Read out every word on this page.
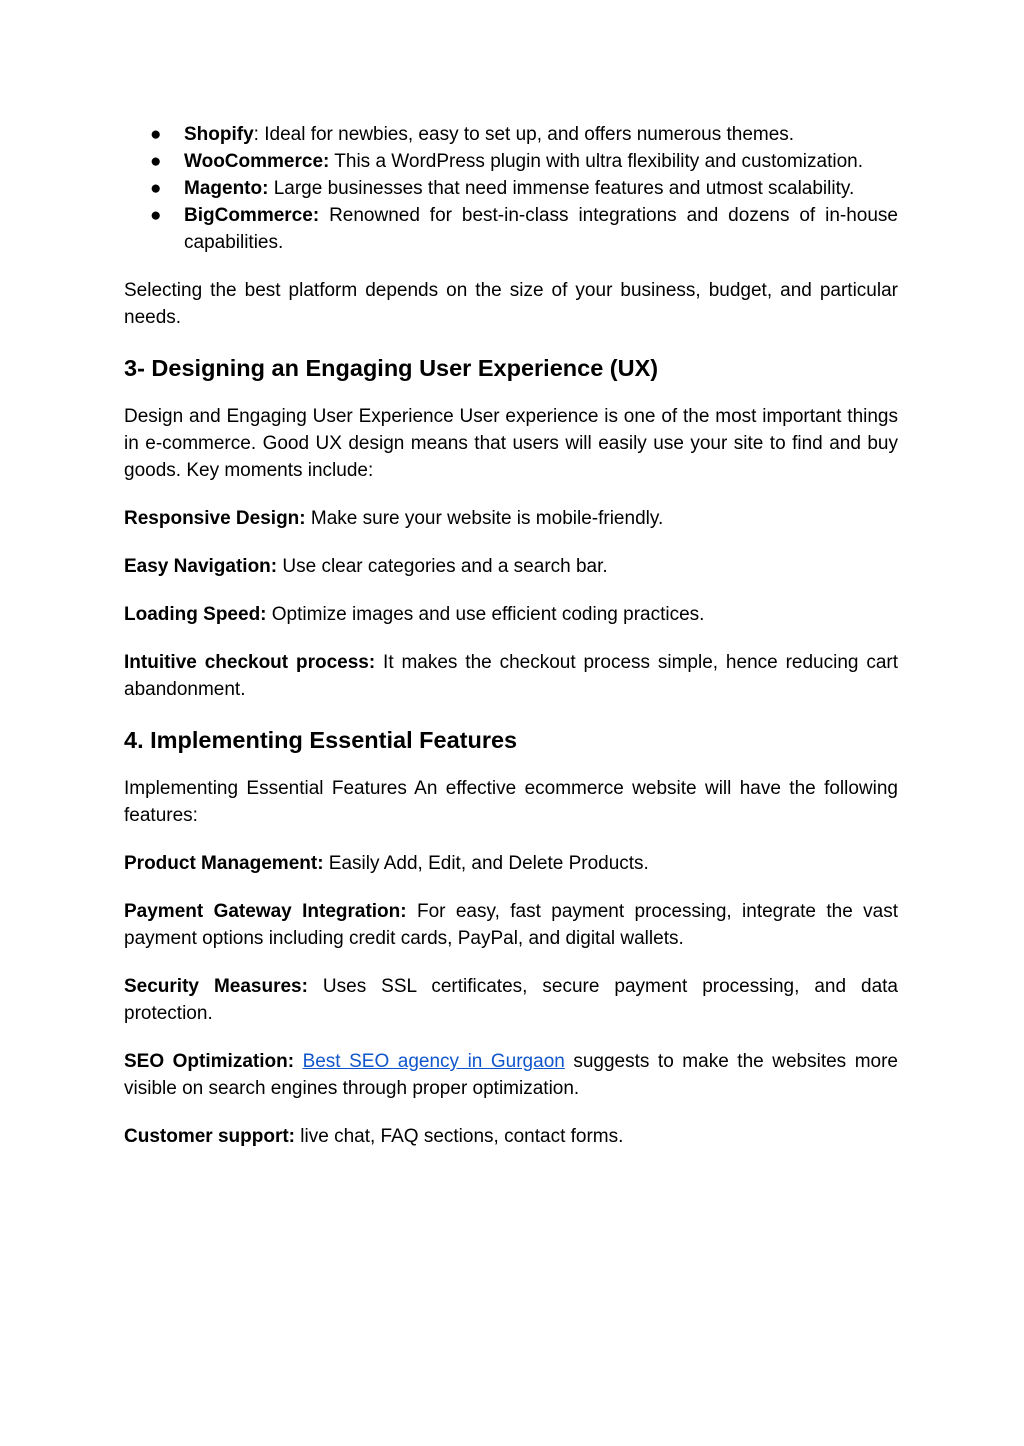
● Shopify: Ideal for newbies, easy to set up, and offers numerous themes.
● WooCommerce: This a WordPress plugin with ultra flexibility and customization.
● Magento: Large businesses that need immense features and utmost scalability.
● BigCommerce: Renowned for best-in-class integrations and dozens of in-house capabilities.

Selecting the best platform depends on the size of your business, budget, and particular needs.

3- Designing an Engaging User Experience (UX)

Design and Engaging User Experience User experience is one of the most important things in e-commerce. Good UX design means that users will easily use your site to find and buy goods. Key moments include:

Responsive Design: Make sure your website is mobile-friendly.

Easy Navigation: Use clear categories and a search bar.

Loading Speed: Optimize images and use efficient coding practices.

Intuitive checkout process: It makes the checkout process simple, hence reducing cart abandonment.

4. Implementing Essential Features

Implementing Essential Features An effective ecommerce website will have the following features:

Product Management: Easily Add, Edit, and Delete Products.

Payment Gateway Integration: For easy, fast payment processing, integrate the vast payment options including credit cards, PayPal, and digital wallets.

Security Measures: Uses SSL certificates, secure payment processing, and data protection.

SEO Optimization: Best SEO agency in Gurgaon suggests to make the websites more visible on search engines through proper optimization.

Customer support: live chat, FAQ sections, contact forms.
